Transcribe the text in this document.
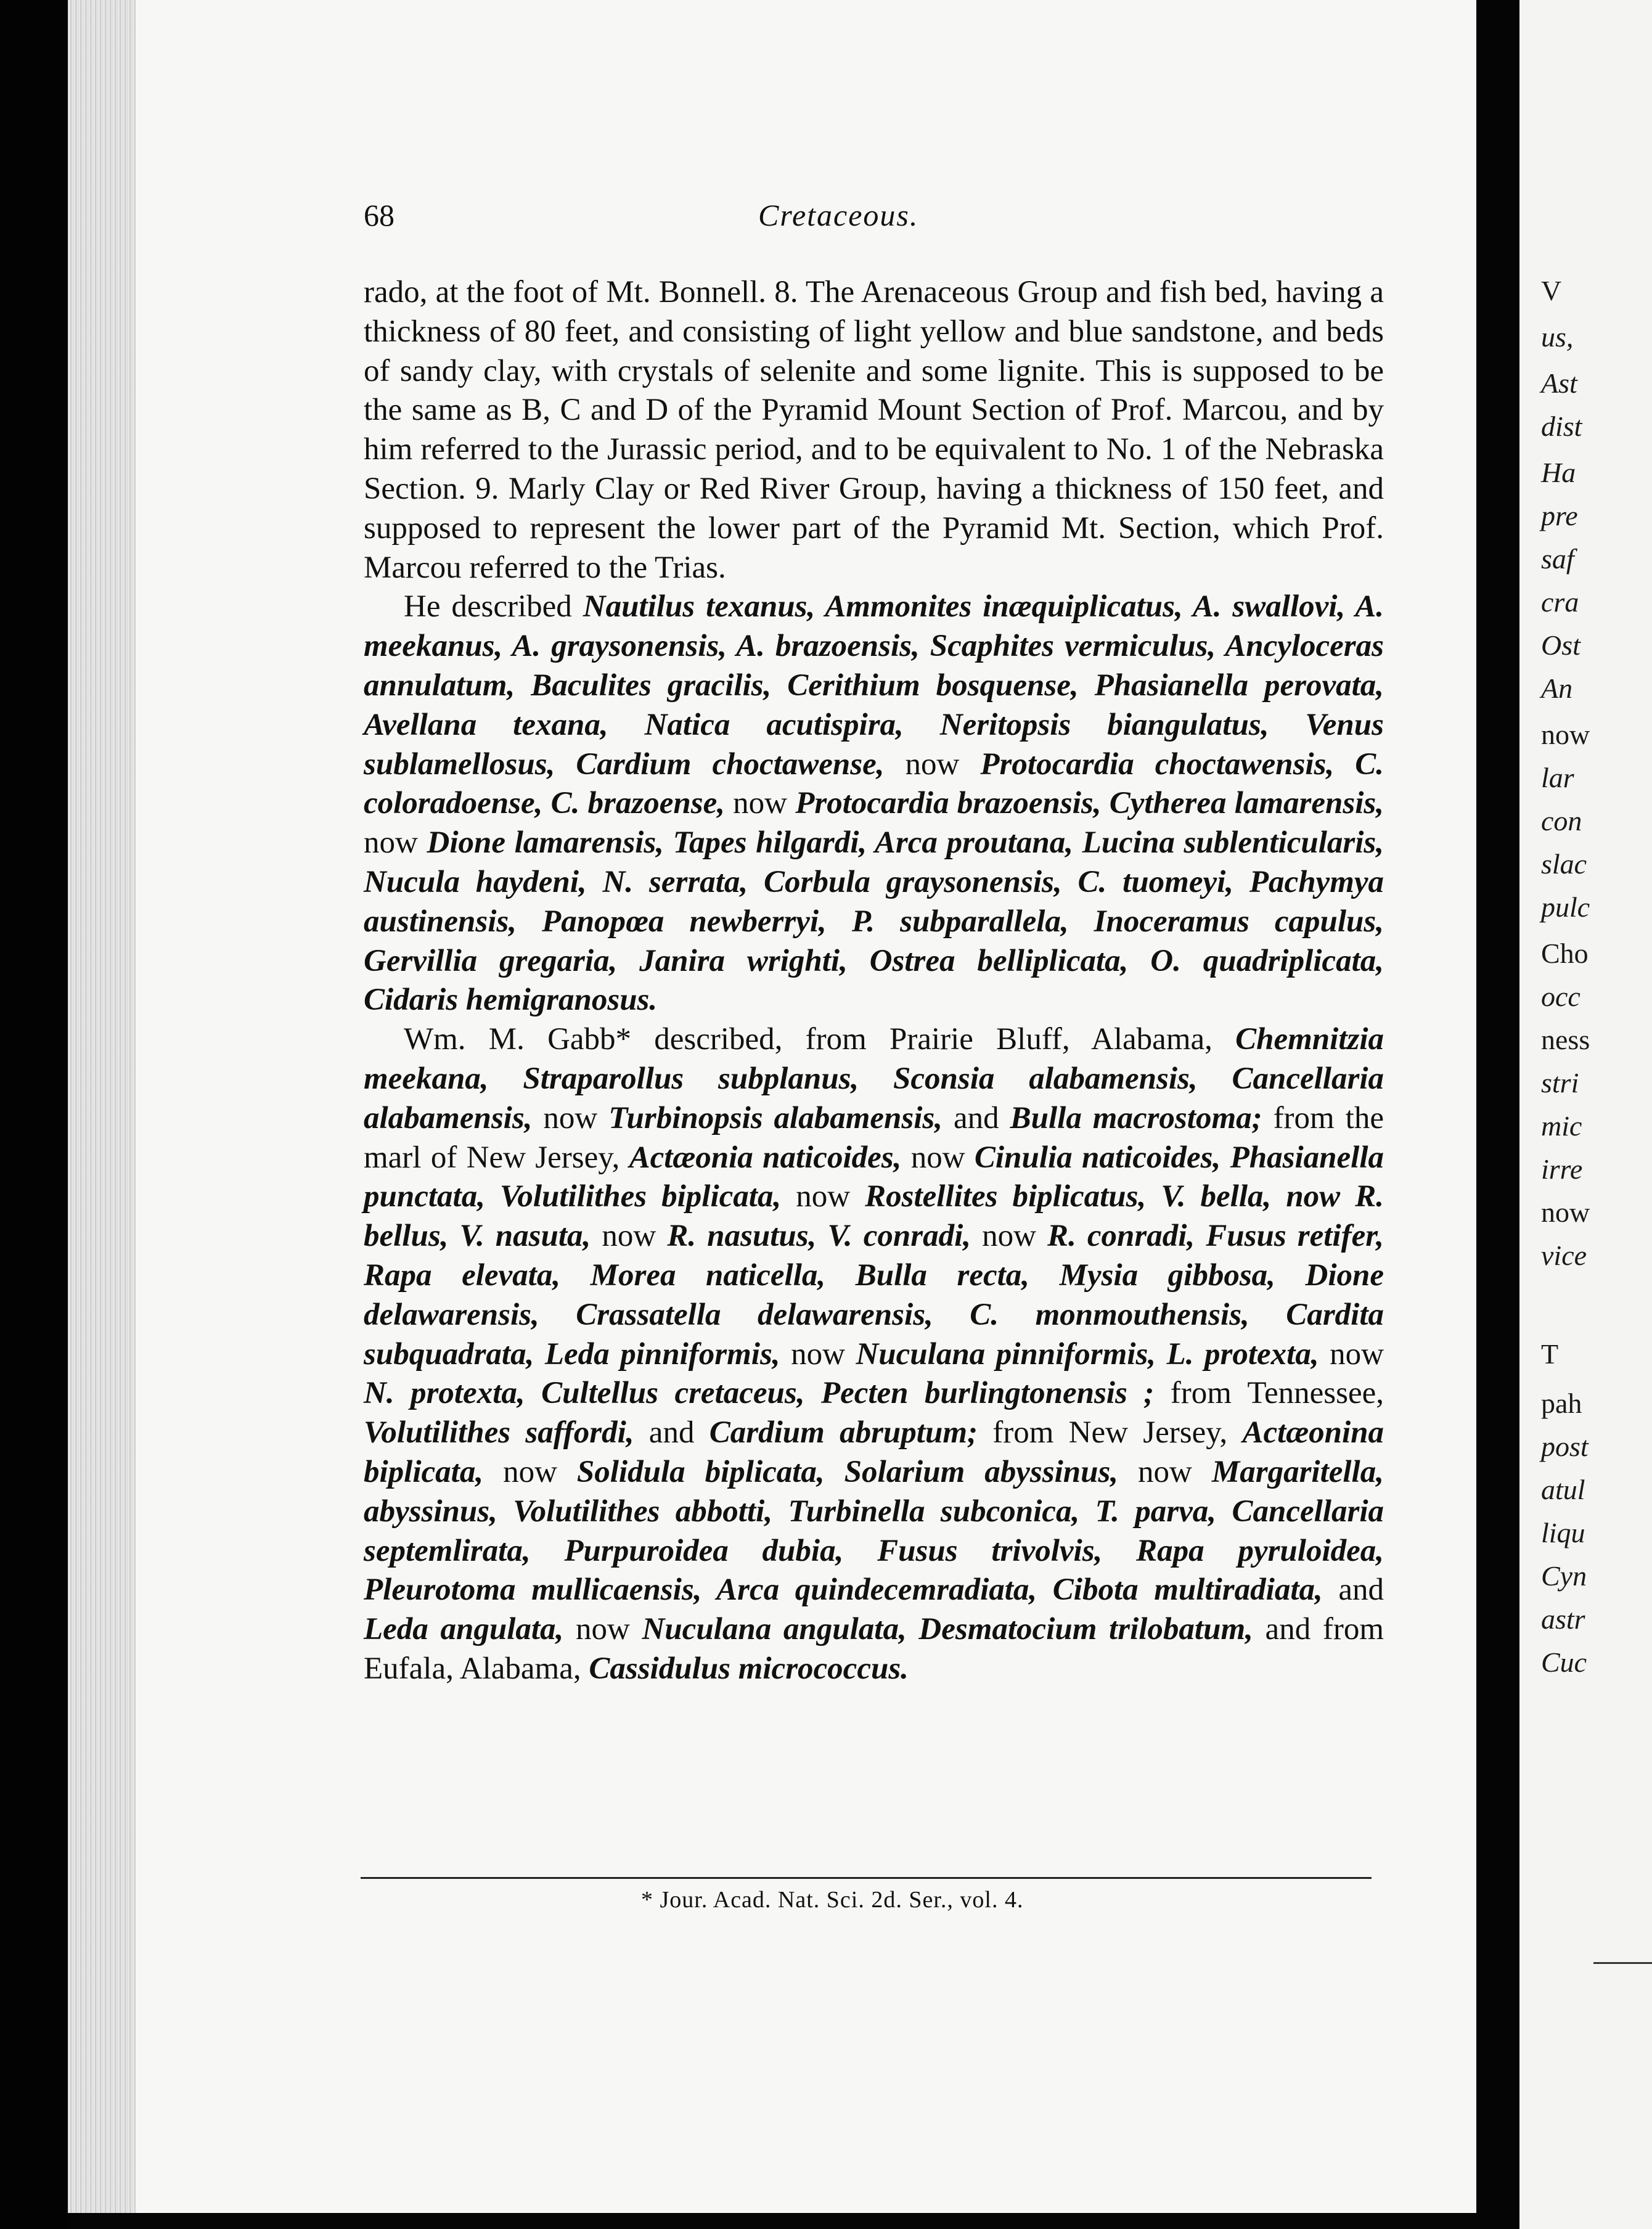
68	Cretaceous.

rado, at the foot of Mt. Bonnell. 8. The Arenaceous Group and fish bed, having a thickness of 80 feet, and consisting of light yellow and blue sandstone, and beds of sandy clay, with crystals of selenite and some lignite. This is supposed to be the same as B, C and D of the Pyramid Mount Section of Prof. Marcou, and by him referred to the Jurassic period, and to be equivalent to No. 1 of the Nebraska Section. 9. Marly Clay or Red River Group, having a thickness of 150 feet, and supposed to represent the lower part of the Pyramid Mt. Section, which Prof. Marcou referred to the Trias.

He described Nautilus texanus, Ammonites inæquiplicatus, A. swallovi, A. meekanus, A. graysonensis, A. brazoensis, Scaphites vermiculus, Ancyloceras annulatum, Baculites gracilis, Cerithium bosquense, Phasianella perovata, Avellana texana, Natica acutispira, Neritopsis biangulatus, Venus sublamellosus, Cardium choctawense, now Protocardia choctawensis, C. coloradoense, C. brazoense, now Protocardia brazoensis, Cytherea lamarensis, now Dione lamarensis, Tapes hilgardi, Arca proutana, Lucina sublenticularis, Nucula haydeni, N. serrata, Corbula graysonensis, C. tuomeyi, Pachymya austinensis, Panopœa newberryi, P. subparallela, Inoceramus capulus, Gervillia gregaria, Janira wrighti, Ostrea belliplicata, O. quadriplicata, Cidaris hemigranosus.

Wm. M. Gabb* described, from Prairie Bluff, Alabama, Chemnitzia meekana, Straparollus subplanus, Sconsia alabamensis, Cancellaria alabamensis, now Turbinopsis alabamensis, and Bulla macrostoma; from the marl of New Jersey, Actæonia naticoides, now Cinulia naticoides, Phasianella punctata, Volutilithes biplicata, now Rostellites biplicatus, V. bella, now R. bellus, V. nasuta, now R. nasutus, V. conradi, now R. conradi, Fusus retifer, Rapa elevata, Morea naticella, Bulla recta, Mysia gibbosa, Dione delawarensis, Crassatella delawarensis, C. monmouthensis, Cardita subquadrata, Leda pinniformis, now Nuculana pinniformis, L. protexta, now N. protexta, Cultellus cretaceus, Pecten burlingtonensis ; from Tennessee, Volutilithes saffordi, and Cardium abruptum; from New Jersey, Actæonina biplicata, now Solidula biplicata, Solarium abyssinus, now Margaritella, abyssinus, Volutilithes abbotti, Turbinella subconica, T. parva, Cancellaria septemlirata, Purpuroidea dubia, Fusus trivolvis, Rapa pyruloidea, Pleurotoma mullicaensis, Arca quindecemradiata, Cibota multiradiata, and Leda angulata, now Nuculana angulata, Desmatocium trilobatum, and from Eufala, Alabama, Cassidulus micrococcus.

* Jour. Acad. Nat. Sci. 2d. Ser., vol. 4.
V
us,
Ast
dist
Ha
pre
saf
cra
Ost
An
now
lar
con
slac
pulc
Cho
occ
ness
stri
mic
irre
now
vice
T
pah
post
atul
liqu
Cyn
astr
Cuc
